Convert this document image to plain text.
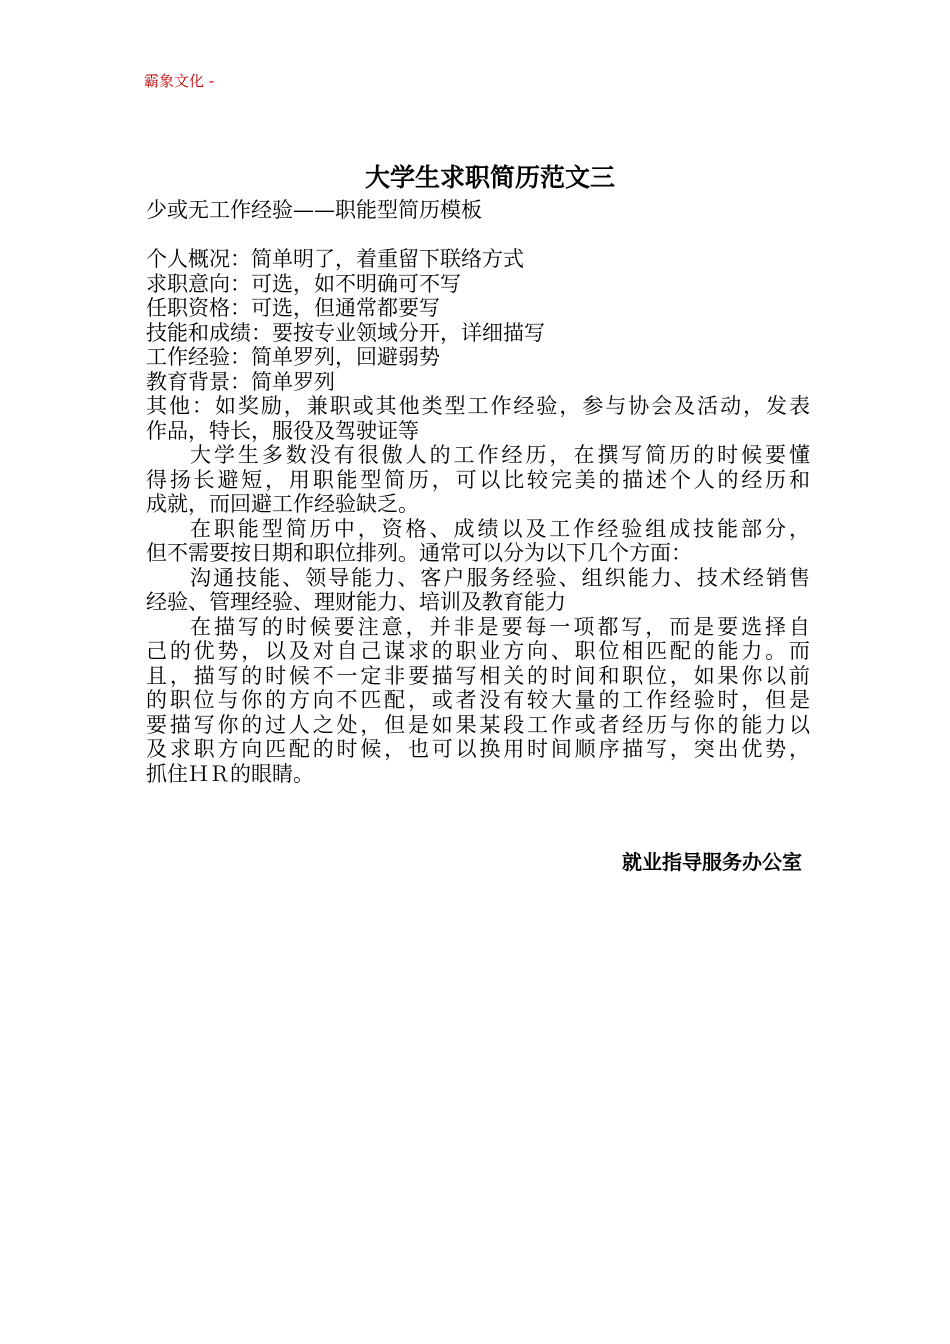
霸象文化 -
大学生求职简历范文三
少或无工作经验——职能型简历模板
个人概况：简单明了，着重留下联络方式
求职意向：可选，如不明确可不写
任职资格：可选，但通常都要写
技能和成绩：要按专业领域分开，详细描写
工作经验：简单罗列，回避弱势
教育背景：简单罗列
其他：如奖励，兼职或其他类型工作经验，参与协会及活动，发表
作品，特长，服役及驾驶证等
大学生多数没有很傲人的工作经历，在撰写简历的时候要懂
得扬长避短，用职能型简历，可以比较完美的描述个人的经历和
成就，而回避工作经验缺乏。
在职能型简历中，资格、成绩以及工作经验组成技能部分，
但不需要按日期和职位排列。通常可以分为以下几个方面：
沟通技能、领导能力、客户服务经验、组织能力、技术经销售
经验、管理经验、理财能力、培训及教育能力
在描写的时候要注意，并非是要每一项都写，而是要选择自
己的优势，以及对自己谋求的职业方向、职位相匹配的能力。而
且，描写的时候不一定非要描写相关的时间和职位，如果你以前
的职位与你的方向不匹配，或者没有较大量的工作经验时，但是
要描写你的过人之处，但是如果某段工作或者经历与你的能力以
及求职方向匹配的时候，也可以换用时间顺序描写，突出优势，
抓住ＨＲ的眼睛。
就业指导服务办公室
